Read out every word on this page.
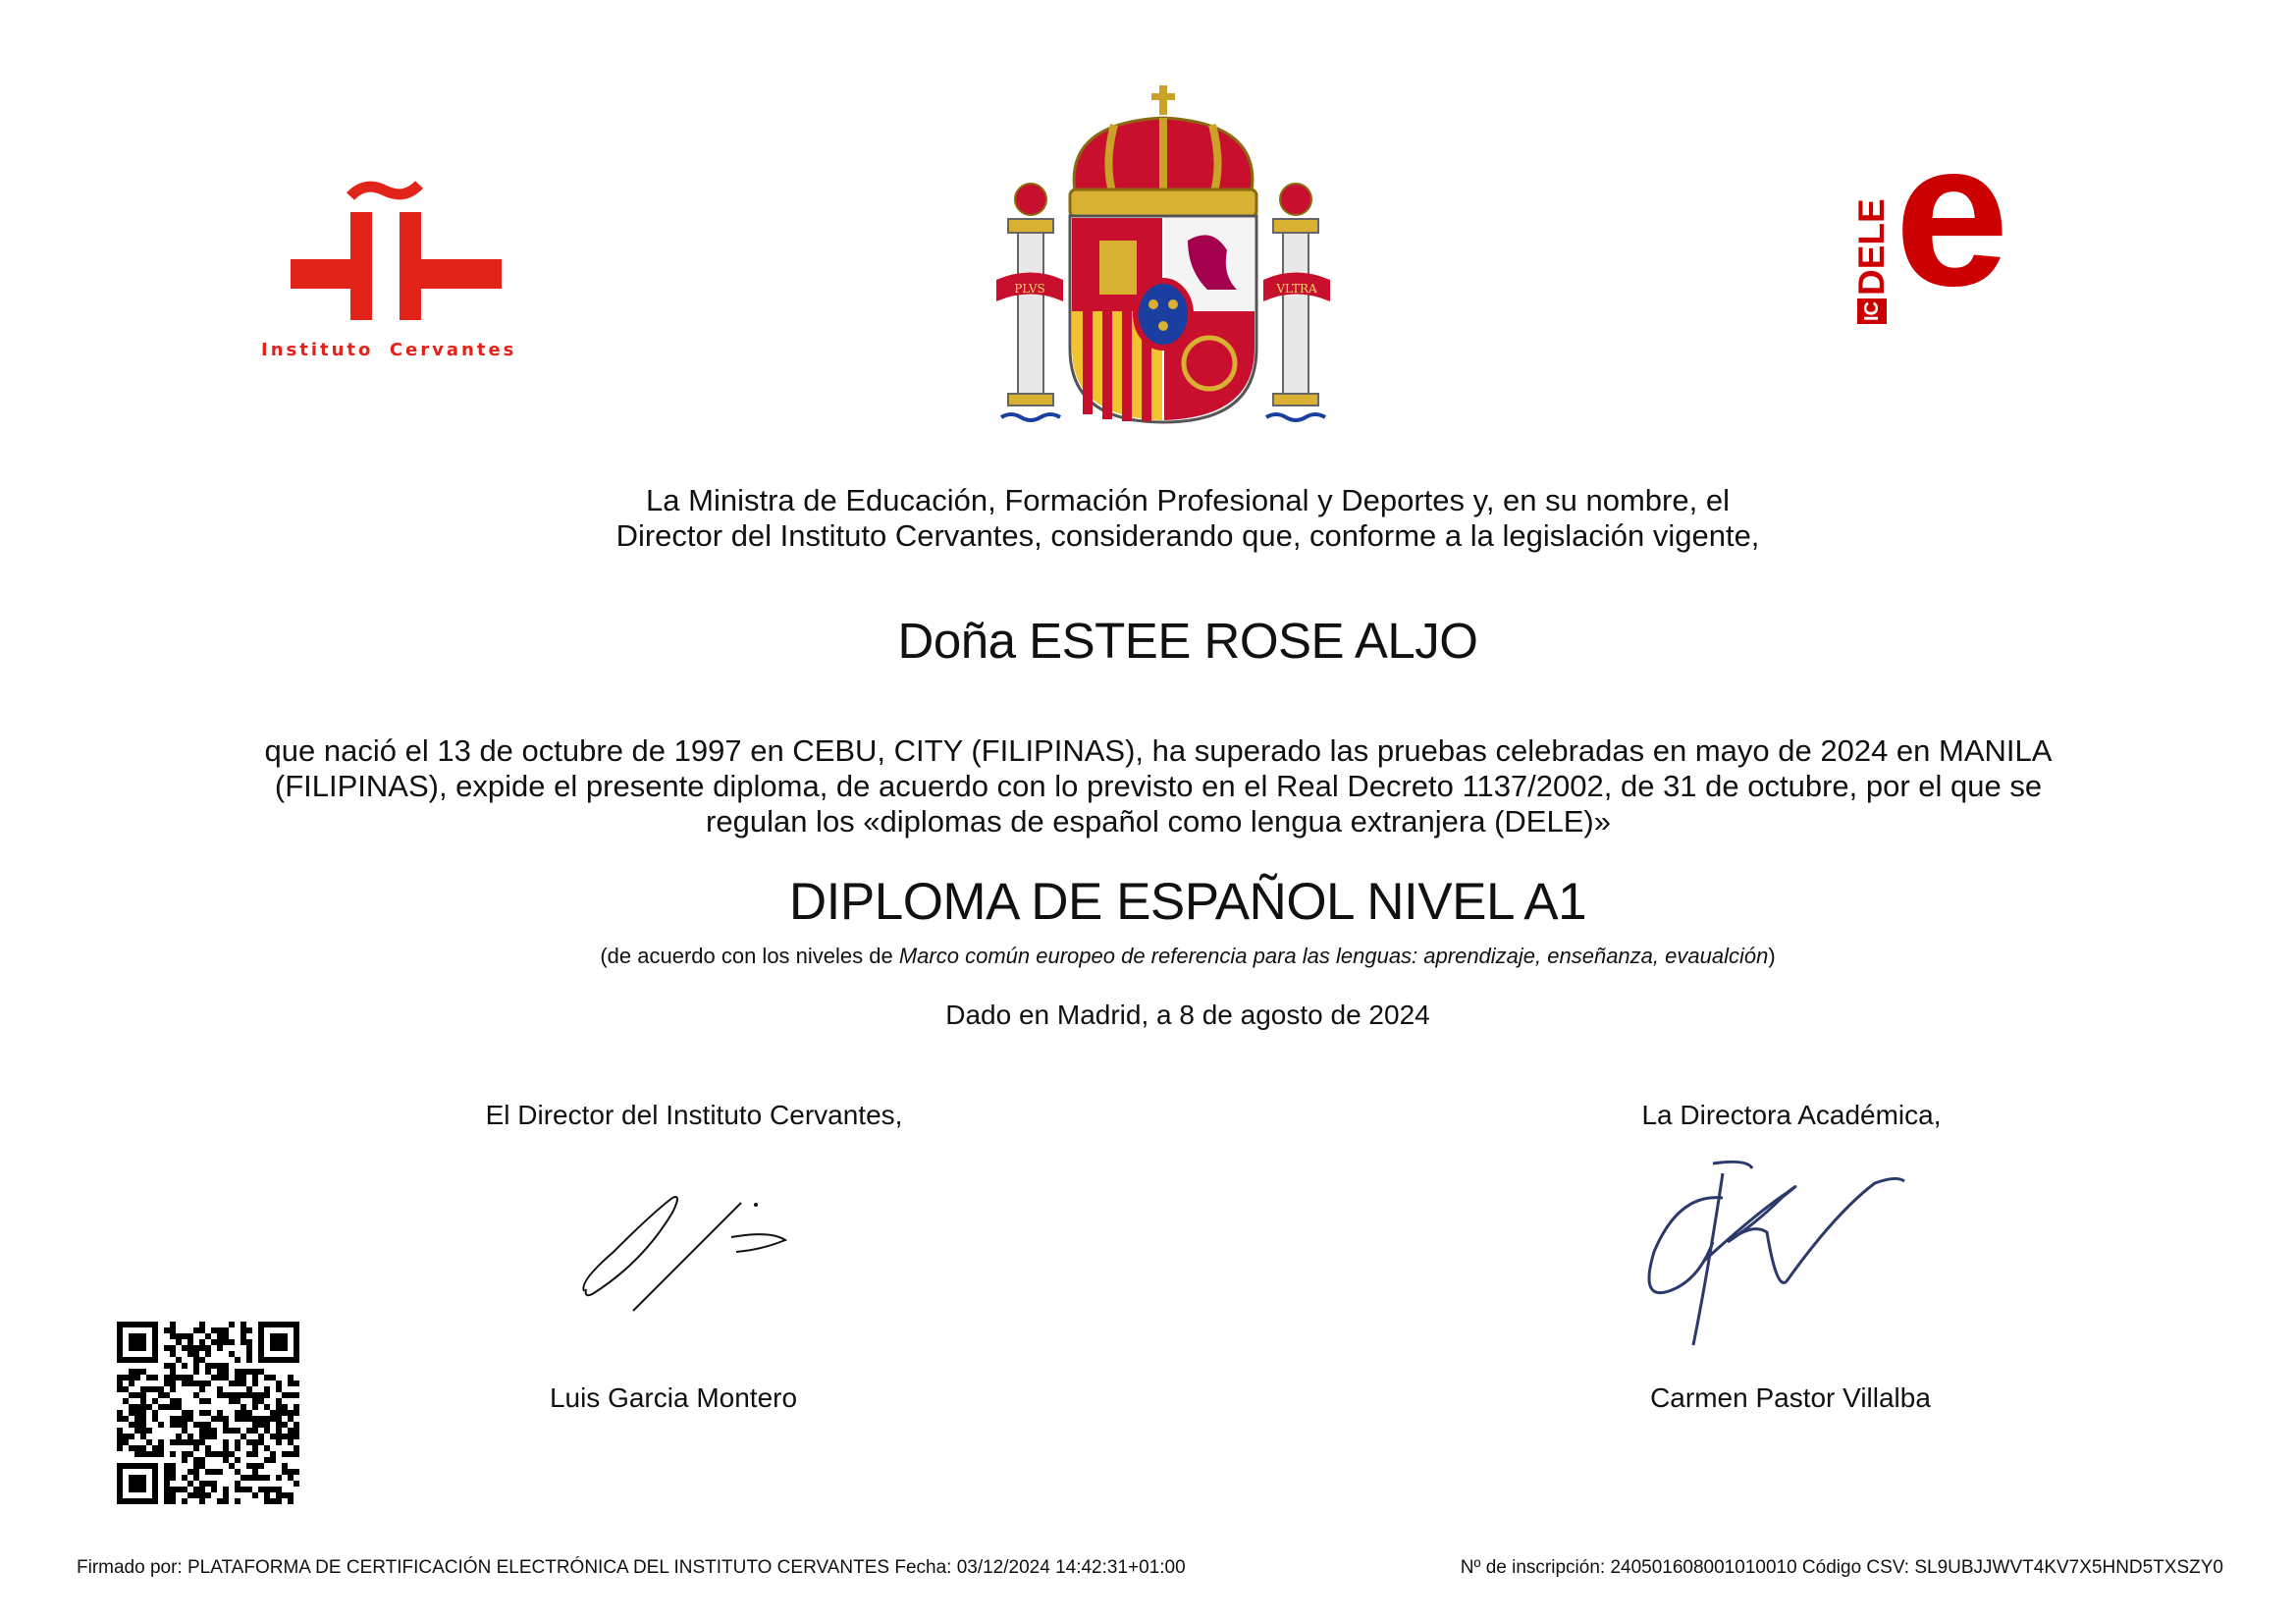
Instituto Cervantes
PLVS	VLTRA
IC
DELE e
La Ministra de Educación, Formación Profesional y Deportes y, en su nombre, el
Director del Instituto Cervantes, considerando que, conforme a la legislación vigente,
Doña ESTEE ROSE ALJO
que nació el 13 de octubre de 1997 en CEBU, CITY (FILIPINAS), ha superado las pruebas celebradas en mayo de 2024 en MANILA (FILIPINAS), expide el presente diploma, de acuerdo con lo previsto en el Real Decreto 1137/2002, de 31 de octubre, por el que se regulan los «diplomas de español como lengua extranjera (DELE)»
DIPLOMA DE ESPAÑOL NIVEL A1
(de acuerdo con los niveles de Marco común europeo de referencia para las lenguas: aprendizaje, enseñanza, evaualción)
Dado en Madrid, a 8 de agosto de 2024
El Director del Instituto Cervantes,	La Directora Académica,
Luis Garcia Montero	Carmen Pastor Villalba
Firmado por: PLATAFORMA DE CERTIFICACIÓN ELECTRÓNICA DEL INSTITUTO CERVANTES Fecha: 03/12/2024 14:42:31+01:00	Nº de inscripción: 240501608001010010 Código CSV: SL9UBJJWVT4KV7X5HND5TXSZY0
